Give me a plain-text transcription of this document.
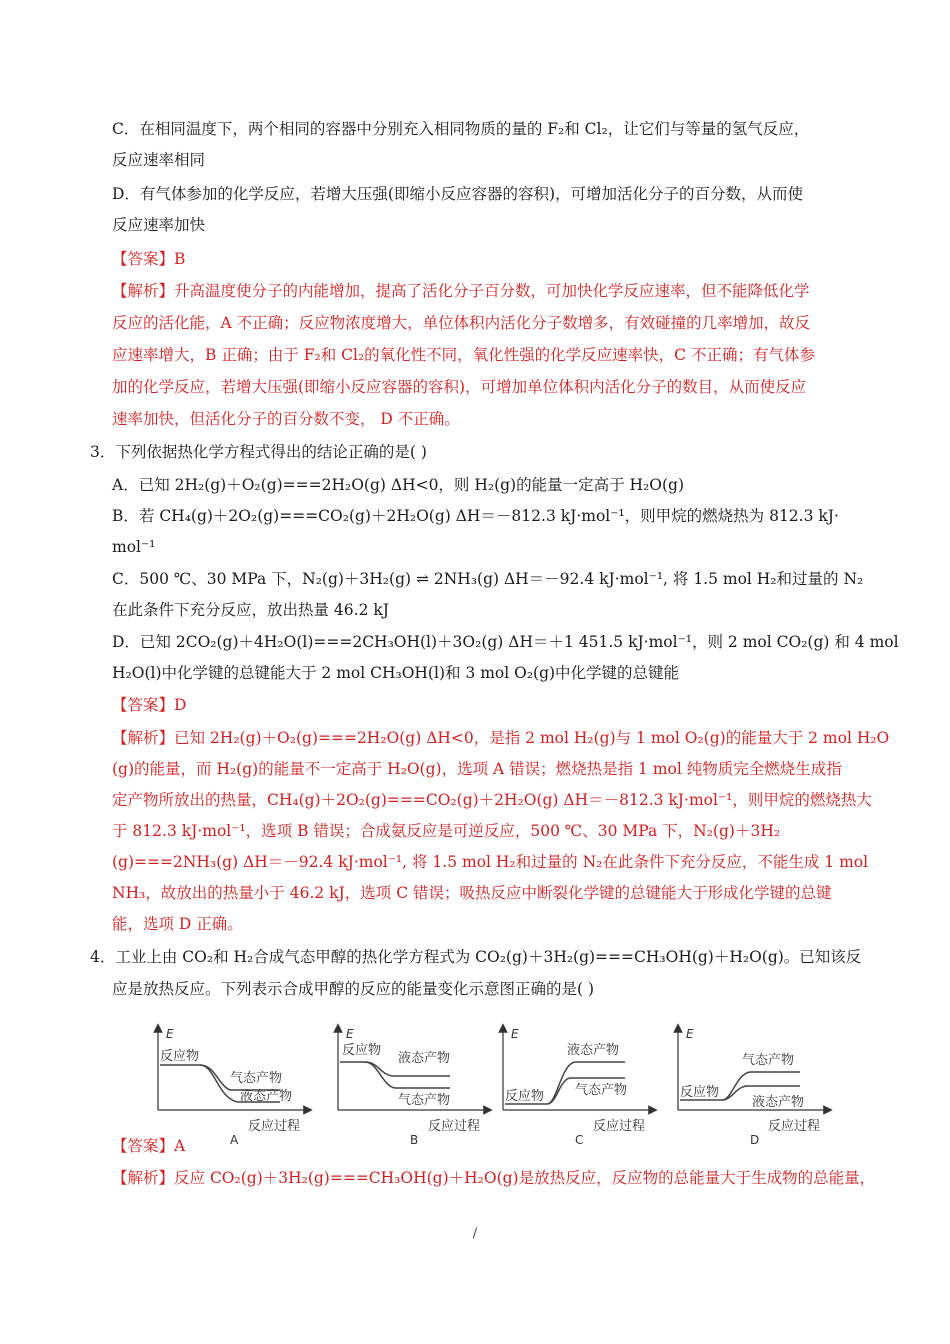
C．在相同温度下，两个相同的容器中分别充入相同物质的量的 F₂和 Cl₂，让它们与等量的氢气反应，
反应速率相同
D．有气体参加的化学反应，若增大压强(即缩小反应容器的容积)，可增加活化分子的百分数，从而使
反应速率加快
【答案】B
【解析】升高温度使分子的内能增加，提高了活化分子百分数，可加快化学反应速率，但不能降低化学
反应的活化能，A 不正确；反应物浓度增大，单位体积内活化分子数增多，有效碰撞的几率增加，故反
应速率增大，B 正确；由于 F₂和 Cl₂的氧化性不同，氧化性强的化学反应速率快，C 不正确；有气体参
加的化学反应，若增大压强(即缩小反应容器的容积)，可增加单位体积内活化分子的数目，从而使反应
速率加快，但活化分子的百分数不变， D 不正确。
3．下列依据热化学方程式得出的结论正确的是( )
A．已知 2H₂(g)＋O₂(g)===2H₂O(g) ΔH<0，则 H₂(g)的能量一定高于 H₂O(g)
B．若 CH₄(g)＋2O₂(g)===CO₂(g)＋2H₂O(g) ΔH＝－812.3 kJ·mol⁻¹，则甲烷的燃烧热为 812.3 kJ·
mol⁻¹
C．500 ℃、30 MPa 下，N₂(g)＋3H₂(g) ⇌ 2NH₃(g) ΔH＝－92.4 kJ·mol⁻¹, 将 1.5 mol H₂和过量的 N₂
在此条件下充分反应，放出热量 46.2 kJ
D．已知 2CO₂(g)＋4H₂O(l)===2CH₃OH(l)＋3O₂(g) ΔH＝＋1 451.5 kJ·mol⁻¹，则 2 mol CO₂(g) 和 4 mol
H₂O(l)中化学键的总键能大于 2 mol CH₃OH(l)和 3 mol O₂(g)中化学键的总键能
【答案】D
【解析】已知 2H₂(g)＋O₂(g)===2H₂O(g) ΔH<0，是指 2 mol H₂(g)与 1 mol O₂(g)的能量大于 2 mol H₂O
(g)的能量，而 H₂(g)的能量不一定高于 H₂O(g)，选项 A 错误；燃烧热是指 1 mol 纯物质完全燃烧生成指
定产物所放出的热量，CH₄(g)＋2O₂(g)===CO₂(g)＋2H₂O(g) ΔH＝－812.3 kJ·mol⁻¹，则甲烷的燃烧热大
于 812.3 kJ·mol⁻¹，选项 B 错误；合成氨反应是可逆反应，500 ℃、30 MPa 下，N₂(g)＋3H₂
(g)===2NH₃(g) ΔH＝－92.4 kJ·mol⁻¹, 将 1.5 mol H₂和过量的 N₂在此条件下充分反应，不能生成 1 mol
NH₃，故放出的热量小于 46.2 kJ，选项 C 错误；吸热反应中断裂化学键的总键能大于形成化学键的总键
能，选项 D 正确。
4．工业上由 CO₂和 H₂合成气态甲醇的热化学方程式为 CO₂(g)＋3H₂(g)===CH₃OH(g)＋H₂O(g)。已知该反
应是放热反应。下列表示合成甲醇的反应的能量变化示意图正确的是( )
E
反应物
气态产物
液态产物
反应过程
A
E
反应物
液态产物
气态产物
反应过程
B
E
反应物
液态产物
气态产物
反应过程
C
E
反应物
气态产物
液态产物
反应过程
D
【答案】A
【解析】反应 CO₂(g)＋3H₂(g)===CH₃OH(g)＋H₂O(g)是放热反应，反应物的总能量大于生成物的总能量，
/
